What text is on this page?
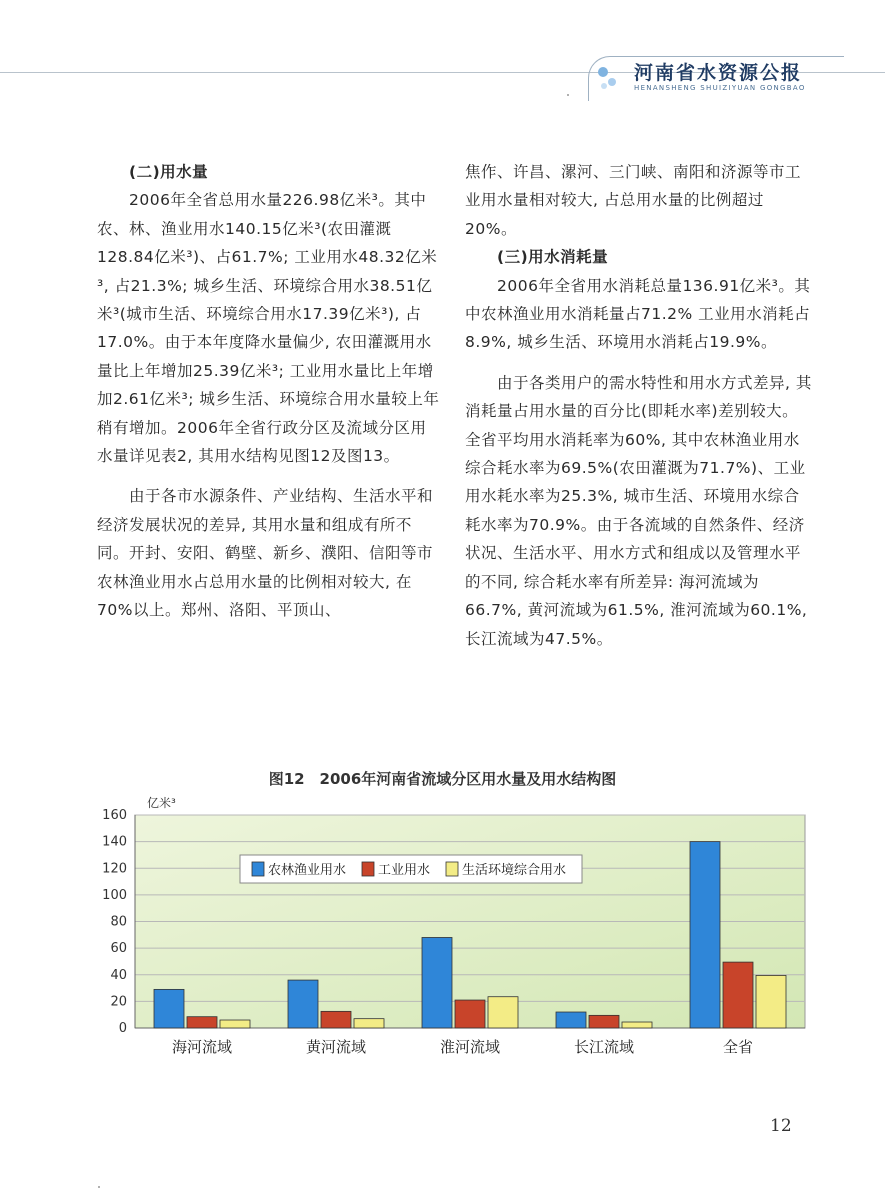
河南省水资源公报
HENANSHENG SHUIZIYUAN GONGBAO

(二)用水量

2006年全省总用水量226.98亿米³。其中农、林、渔业用水140.15亿米³(农田灌溉128.84亿米³)、占61.7%; 工业用水48.32亿米³, 占21.3%; 城乡生活、环境综合用水38.51亿米³(城市生活、环境综合用水17.39亿米³), 占17.0%。由于本年度降水量偏少, 农田灌溉用水量比上年增加25.39亿米³; 工业用水量比上年增加2.61亿米³; 城乡生活、环境综合用水量较上年稍有增加。2006年全省行政分区及流域分区用水量详见表2, 其用水结构见图12及图13。

由于各市水源条件、产业结构、生活水平和经济发展状况的差异, 其用水量和组成有所不同。开封、安阳、鹤壁、新乡、濮阳、信阳等市农林渔业用水占总用水量的比例相对较大, 在70%以上。郑州、洛阳、平顶山、

焦作、许昌、漯河、三门峡、南阳和济源等市工业用水量相对较大, 占总用水量的比例超过20%。

(三)用水消耗量

2006年全省用水消耗总量136.91亿米³。其中农林渔业用水消耗量占71.2% 工业用水消耗占8.9%, 城乡生活、环境用水消耗占19.9%。

由于各类用户的需水特性和用水方式差异, 其消耗量占用水量的百分比(即耗水率)差别较大。全省平均用水消耗率为60%, 其中农林渔业用水综合耗水率为69.5%(农田灌溉为71.7%)、工业用水耗水率为25.3%, 城市生活、环境用水综合耗水率为70.9%。由于各流域的自然条件、经济状况、生活水平、用水方式和组成以及管理水平的不同, 综合耗水率有所差异: 海河流域为66.7%, 黄河流域为61.5%, 淮河流域为60.1%, 长江流域为47.5%。

图12　2006年河南省流域分区用水量及用水结构图
0
20
40
60
80
100
120
140
160
海河流域	黄河流域	淮河流域	长江流域	全省
亿米³
农林渔业用水 工业用水 生活环境综合用水
12
